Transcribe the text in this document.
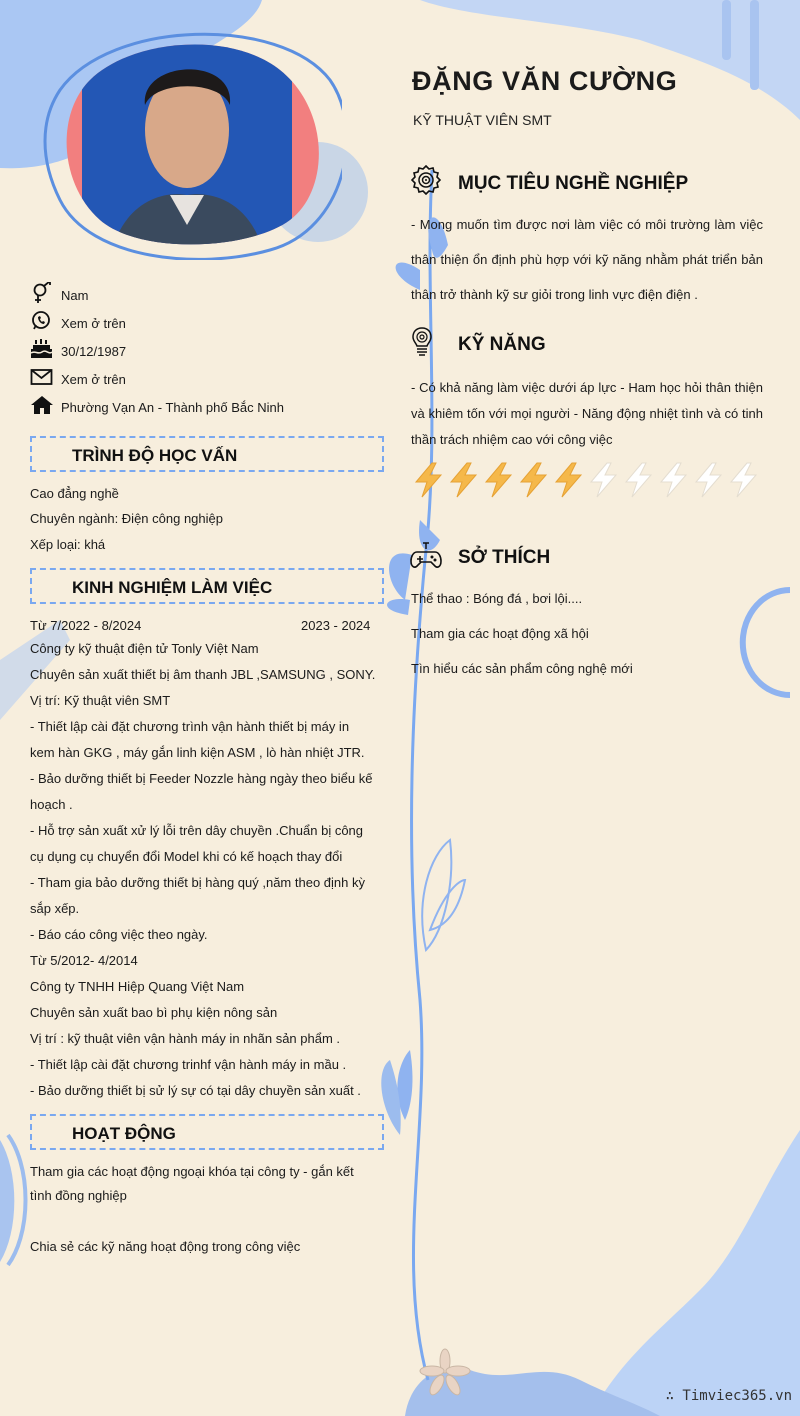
ĐẶNG VĂN CƯỜNG
KỸ THUẬT VIÊN SMT
Nam
Xem ở trên
30/12/1987
Xem ở trên
Phường Vạn An - Thành phố Bắc Ninh
TRÌNH ĐỘ HỌC VẤN
Cao đẳng nghề
Chuyên ngành: Điện công nghiệp
Xếp loại: khá
KINH NGHIỆM LÀM VIỆC
Từ 7/2022 - 8/2024	2023 - 2024
Công ty kỹ thuật điện tử Tonly Việt Nam
Chuyên sản xuất thiết bị âm thanh JBL ,SAMSUNG , SONY.
Vị trí: Kỹ thuật viên SMT
- Thiết lập cài đặt chương trình vận hành thiết bị máy in
kem hàn GKG , máy gắn linh kiện ASM , lò hàn nhiệt JTR.
- Bảo dưỡng thiết bị Feeder Nozzle hàng ngày theo biểu kế
hoạch .
- Hỗ trợ sản xuất xử lý lỗi trên dây chuyền .Chuẩn bị công
cụ dụng cụ chuyển đổi Model khi có kế hoạch thay đổi
- Tham gia bảo dưỡng thiết bị hàng quý ,năm theo định kỳ
sắp xếp.
- Báo cáo công việc theo ngày.
Từ 5/2012- 4/2014
Công ty TNHH Hiệp Quang Việt Nam
Chuyên sản xuất bao bì phụ kiện nông sản
Vị trí : kỹ thuật viên vận hành máy in nhãn sản phẩm .
- Thiết lập cài đặt chương trinhf vận hành máy in mầu .
- Bảo dưỡng thiết bị sử lý sự có tại dây chuyền sản xuất .
HOẠT ĐỘNG
Tham gia các hoạt động ngoại khóa tại công ty - gắn kết
tình đồng nghiệp
Chia sẻ các kỹ năng hoạt động trong công việc
MỤC TIÊU NGHỀ NGHIỆP
- Mong muốn tìm được nơi làm việc có môi trường làm việc thân thiện ổn định phù hợp với kỹ năng nhằm phát triển bản thân trở thành kỹ sư giỏi trong linh vực điện điện .
KỸ NĂNG
- Có khả năng làm việc dưới áp lực - Ham học hỏi thân thiện và khiêm tốn với mọi người - Năng động nhiệt tình và có tinh thần trách nhiệm cao với công việc
SỞ THÍCH
Thể thao : Bóng đá , bơi lội....
Tham gia các hoạt động xã hội
Tìn hiểu các sản phẩm công nghệ mới
∴ Timviec365.vn
